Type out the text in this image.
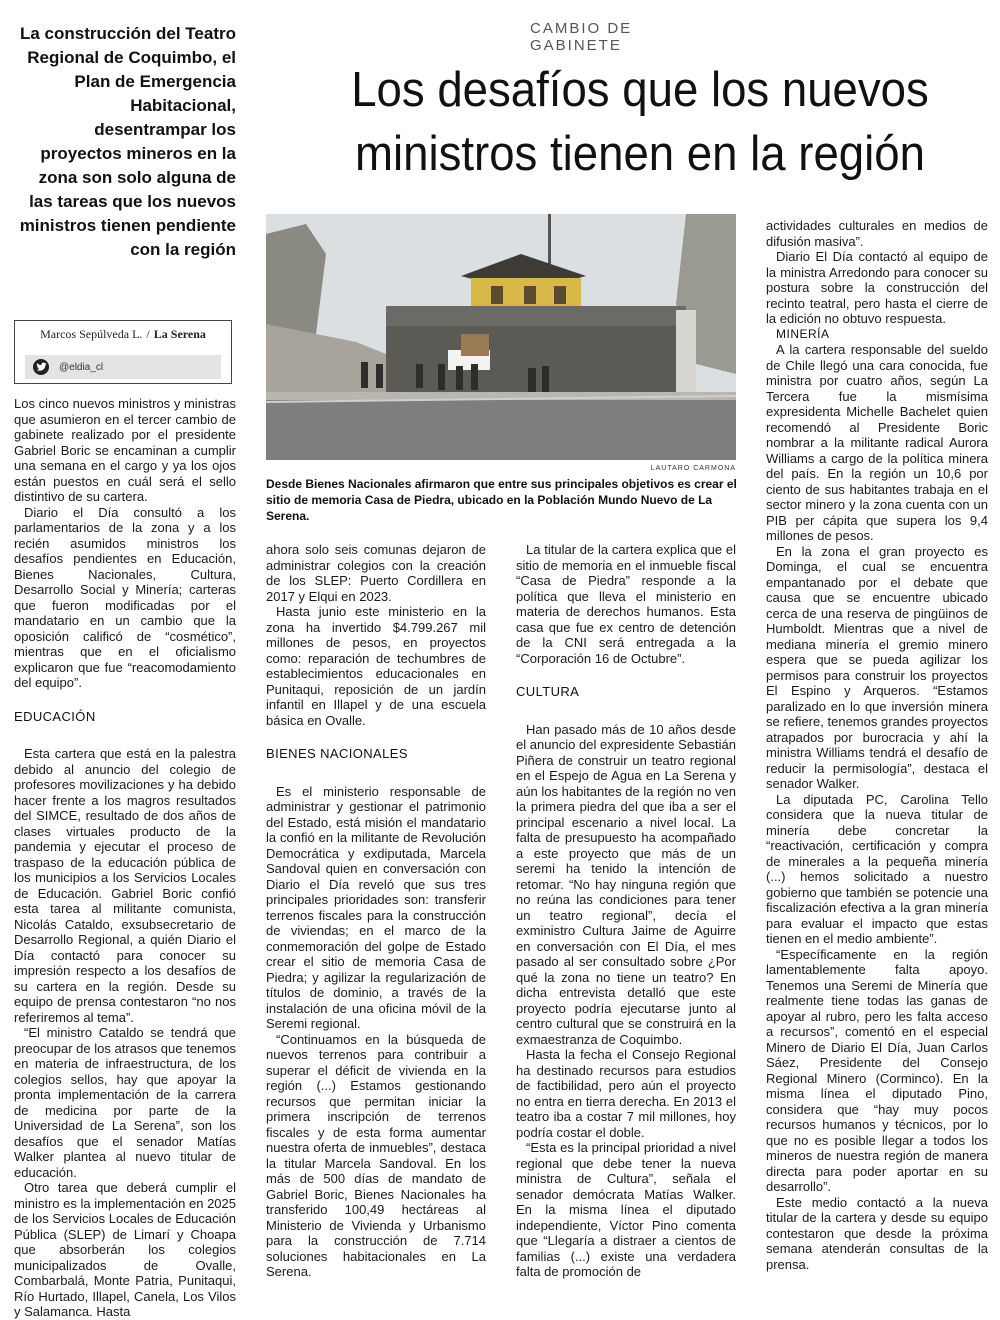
CAMBIO DE GABINETE
Los desafíos que los nuevos
ministros tienen en la región
La construcción del Teatro Regional de Coquimbo, el Plan de Emergencia Habitacional, desentrampar los proyectos mineros en la zona son solo alguna de las tareas que los nuevos ministros tienen pendiente con la región
Marcos Sepúlveda L. / La Serena
@eldia_cl
LAUTARO CARMONA
Desde Bienes Nacionales afirmaron que entre sus principales objetivos es crear el sitio de memoria Casa de Piedra, ubicado en la Población Mundo Nuevo de La Serena.

Los cinco nuevos ministros y ministras que asumieron en el tercer cambio de gabinete realizado por el presidente Gabriel Boric se encaminan a cumplir una semana en el cargo y ya los ojos están puestos en cuál será el sello distintivo de su cartera.

Diario el Día consultó a los parlamentarios de la zona y a los recién asumidos ministros los desafíos pendientes en Educación, Bienes Nacionales, Cultura, Desarrollo Social y Minería; carteras que fueron modificadas por el mandatario en un cambio que la oposición calificó de “cosmético”, mientras que en el oficialismo explicaron que fue “reacomodamiento del equipo”.

EDUCACIÓN

Esta cartera que está en la palestra debido al anuncio del colegio de profesores movilizaciones y ha debido hacer frente a los magros resultados del SIMCE, resultado de dos años de clases virtuales producto de la pandemia y ejecutar el proceso de traspaso de la educación pública de los municipios a los Servicios Locales de Educación. Gabriel Boric confió esta tarea al militante comunista, Nicolás Cataldo, exsubsecretario de Desarrollo Regional, a quién Diario el Día contactó para conocer su impresión respecto a los desafíos de su cartera en la región. Desde su equipo de prensa contestaron “no nos referiremos al tema”.

“El ministro Cataldo se tendrá que preocupar de los atrasos que tenemos en materia de infraestructura, de los colegios sellos, hay que apoyar la pronta implementación de la carrera de medicina por parte de la Universidad de La Serena”, son los desafíos que el senador Matías Walker plantea al nuevo titular de educación.

Otro tarea que deberá cumplir el ministro es la implementación en 2025 de los Servicios Locales de Educación Pública (SLEP) de Limarí y Choapa que absorberán los colegios municipalizados de Ovalle, Combarbalá, Monte Patria, Punitaqui, Río Hurtado, Illapel, Canela, Los Vilos y Salamanca. Hasta

ahora solo seis comunas dejaron de administrar colegios con la creación de los SLEP: Puerto Cordillera en 2017 y Elqui en 2023.

Hasta junio este ministerio en la zona ha invertido $4.799.267 mil millones de pesos, en proyectos como: reparación de techumbres de establecimientos educacionales en Punitaqui, reposición de un jardín infantil en Illapel y de una escuela básica en Ovalle.

BIENES NACIONALES

Es el ministerio responsable de administrar y gestionar el patrimonio del Estado, está misión el mandatario la confió en la militante de Revolución Democrática y exdiputada, Marcela Sandoval quien en conversación con Diario el Día reveló que sus tres principales prioridades son: transferir terrenos fiscales para la construcción de viviendas; en el marco de la conmemoración del golpe de Estado crear el sitio de memoria Casa de Piedra; y agilizar la regularización de títulos de dominio, a través de la instalación de una oficina móvil de la Seremi regional.

“Continuamos en la búsqueda de nuevos terrenos para contribuir a superar el déficit de vivienda en la región (...) Estamos gestionando recursos que permitan iniciar la primera inscripción de terrenos fiscales y de esta forma aumentar nuestra oferta de inmuebles”, destaca la titular Marcela Sandoval. En los más de 500 días de mandato de Gabriel Boric, Bienes Nacionales ha transferido 100,49 hectáreas al Ministerio de Vivienda y Urbanismo para la construcción de 7.714 soluciones habitacionales en La Serena.

La titular de la cartera explica que el sitio de memoria en el inmueble fiscal “Casa de Piedra” responde a la política que lleva el ministerio en materia de derechos humanos. Esta casa que fue ex centro de detención de la CNI será entregada a la “Corporación 16 de Octubre”.

CULTURA

Han pasado más de 10 años desde el anuncio del expresidente Sebastián Piñera de construir un teatro regional en el Espejo de Agua en La Serena y aún los habitantes de la región no ven la primera piedra del que iba a ser el principal escenario a nivel local. La falta de presupuesto ha acompañado a este proyecto que más de un seremi ha tenido la intención de retomar. “No hay ninguna región que no reúna las condiciones para tener un teatro regional”, decía el exministro Cultura Jaime de Aguirre en conversación con El Día, el mes pasado al ser consultado sobre ¿Por qué la zona no tiene un teatro? En dicha entrevista detalló que este proyecto podría ejecutarse junto al centro cultural que se construirá en la exmaestranza de Coquimbo.

Hasta la fecha el Consejo Regional ha destinado recursos para estudios de factibilidad, pero aún el proyecto no entra en tierra derecha. En 2013 el teatro iba a costar 7 mil millones, hoy podría costar el doble.

“Esta es la principal prioridad a nivel regional que debe tener la nueva ministra de Cultura”, señala el senador demócrata Matías Walker. En la misma línea el diputado independiente, Víctor Pino comenta que “Llegaría a distraer a cientos de familias (...) existe una verdadera falta de promoción de

actividades culturales en medios de difusión masiva”.

Diario El Día contactó al equipo de la ministra Arredondo para conocer su postura sobre la construcción del recinto teatral, pero hasta el cierre de la edición no obtuvo respuesta.

MINERÍA

A la cartera responsable del sueldo de Chile llegó una cara conocida, fue ministra por cuatro años, según La Tercera fue la mismísima expresidenta Michelle Bachelet quien recomendó al Presidente Boric nombrar a la militante radical Aurora Williams a cargo de la política minera del país. En la región un 10,6 por ciento de sus habitantes trabaja en el sector minero y la zona cuenta con un PIB per cápita que supera los 9,4 millones de pesos.

En la zona el gran proyecto es Dominga, el cual se encuentra empantanado por el debate que causa que se encuentre ubicado cerca de una reserva de pingüinos de Humboldt. Mientras que a nivel de mediana minería el gremio minero espera que se pueda agilizar los permisos para construir los proyectos El Espino y Arqueros. “Estamos paralizado en lo que inversión minera se refiere, tenemos grandes proyectos atrapados por burocracia y ahí la ministra Williams tendrá el desafío de reducir la permisología”, destaca el senador Walker.

La diputada PC, Carolina Tello considera que la nueva titular de minería debe concretar la “reactivación, certificación y compra de minerales a la pequeña minería (...) hemos solicitado a nuestro gobierno que también se potencie una fiscalización efectiva a la gran minería para evaluar el impacto que estas tienen en el medio ambiente”.

“Específicamente en la región lamentablemente falta apoyo. Tenemos una Seremi de Minería que realmente tiene todas las ganas de apoyar al rubro, pero les falta acceso a recursos”, comentó en el especial Minero de Diario El Día, Juan Carlos Sáez, Presidente del Consejo Regional Minero (Corminco). En la misma línea el diputado Pino, considera que “hay muy pocos recursos humanos y técnicos, por lo que no es posible llegar a todos los mineros de nuestra región de manera directa para poder aportar en su desarrollo”.

Este medio contactó a la nueva titular de la cartera y desde su equipo contestaron que desde la próxima semana atenderán consultas de la prensa.
